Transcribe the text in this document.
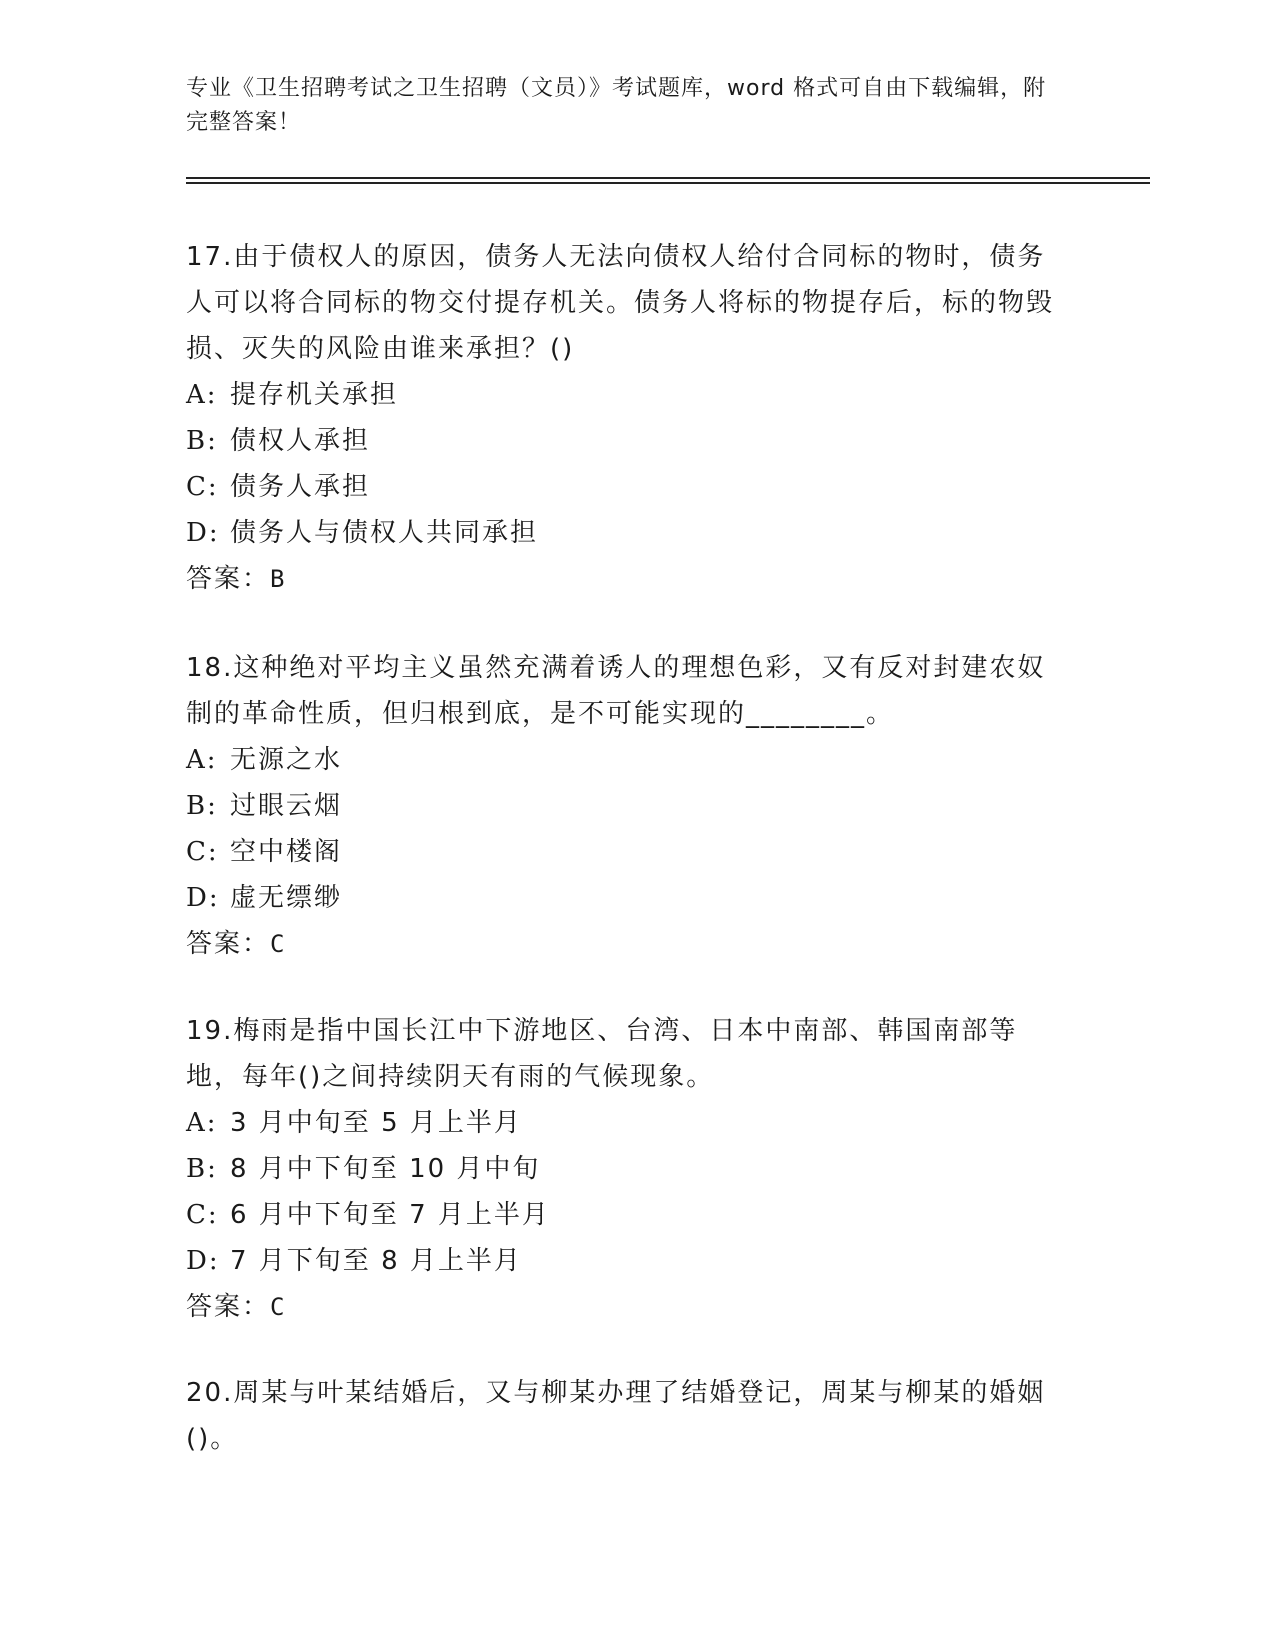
专业《卫生招聘考试之卫生招聘（文员）》考试题库，word 格式可自由下载编辑，附完整答案！
17.由于债权人的原因，债务人无法向债权人给付合同标的物时，债务人可以将合同标的物交付提存机关。债务人将标的物提存后，标的物毁损、灭失的风险由谁来承担？()
A: 提存机关承担
B: 债权人承担
C: 债务人承担
D: 债务人与债权人共同承担
答案：B
18.这种绝对平均主义虽然充满着诱人的理想色彩，又有反对封建农奴制的革命性质，但归根到底，是不可能实现的________。
A: 无源之水
B: 过眼云烟
C: 空中楼阁
D: 虚无缥缈
答案：C
19.梅雨是指中国长江中下游地区、台湾、日本中南部、韩国南部等地，每年()之间持续阴天有雨的气候现象。
A: 3 月中旬至 5 月上半月
B: 8 月中下旬至 10 月中旬
C: 6 月中下旬至 7 月上半月
D: 7 月下旬至 8 月上半月
答案：C
20.周某与叶某结婚后，又与柳某办理了结婚登记，周某与柳某的婚姻()。
